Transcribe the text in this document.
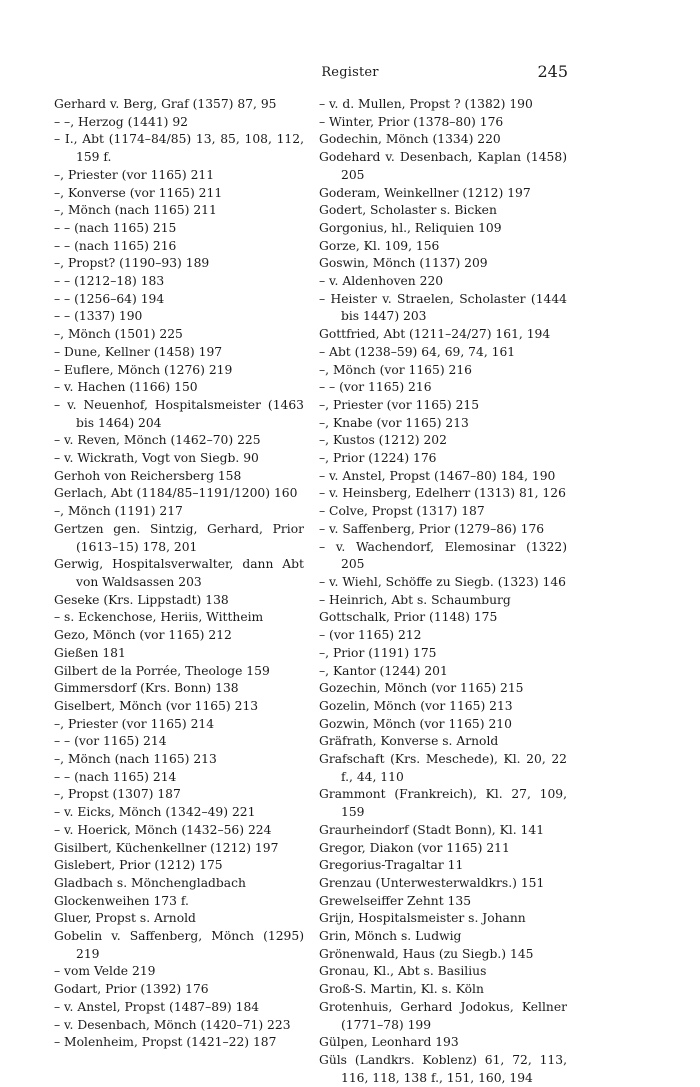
Register	245
Gerhard v. Berg, Graf (1357) 87, 95
– –, Herzog (1441) 92
– I., Abt (1174–84/85) 13, 85, 108, 112, 159 f.
–, Priester (vor 1165) 211
–, Konverse (vor 1165) 211
–, Mönch (nach 1165) 211
– – (nach 1165) 215
– – (nach 1165) 216
–, Propst? (1190–93) 189
– – (1212–18) 183
– – (1256–64) 194
– – (1337) 190
–, Mönch (1501) 225
– Dune, Kellner (1458) 197
– Euflere, Mönch (1276) 219
– v. Hachen (1166) 150
– v. Neuenhof, Hospitalsmeister (1463 bis 1464) 204
– v. Reven, Mönch (1462–70) 225
– v. Wickrath, Vogt von Siegb. 90
Gerhoh von Reichersberg 158
Gerlach, Abt (1184/85–1191/1200) 160
–, Mönch (1191) 217
Gertzen gen. Sintzig, Gerhard, Prior (1613–15) 178, 201
Gerwig, Hospitalsverwalter, dann Abt von Waldsassen 203
Geseke (Krs. Lippstadt) 138
– s. Eckenchose, Heriis, Wittheim
Gezo, Mönch (vor 1165) 212
Gießen 181
Gilbert de la Porrée, Theologe 159
Gimmersdorf (Krs. Bonn) 138
Giselbert, Mönch (vor 1165) 213
–, Priester (vor 1165) 214
– – (vor 1165) 214
–, Mönch (nach 1165) 213
– – (nach 1165) 214
–, Propst (1307) 187
– v. Eicks, Mönch (1342–49) 221
– v. Hoerick, Mönch (1432–56) 224
Gisilbert, Küchenkellner (1212) 197
Gislebert, Prior (1212) 175
Gladbach s. Mönchengladbach
Glockenweihen 173 f.
Gluer, Propst s. Arnold
Gobelin v. Saffenberg, Mönch (1295) 219
– vom Velde 219
Godart, Prior (1392) 176
– v. Anstel, Propst (1487–89) 184
– v. Desenbach, Mönch (1420–71) 223
– Molenheim, Propst (1421–22) 187
– v. d. Mullen, Propst ? (1382) 190
– Winter, Prior (1378–80) 176
Godechin, Mönch (1334) 220
Godehard v. Desenbach, Kaplan (1458) 205
Goderam, Weinkellner (1212) 197
Godert, Scholaster s. Bicken
Gorgonius, hl., Reliquien 109
Gorze, Kl. 109, 156
Goswin, Mönch (1137) 209
– v. Aldenhoven 220
– Heister v. Straelen, Scholaster (1444 bis 1447) 203
Gottfried, Abt (1211–24/27) 161, 194
– Abt (1238–59) 64, 69, 74, 161
–, Mönch (vor 1165) 216
– – (vor 1165) 216
–, Priester (vor 1165) 215
–, Knabe (vor 1165) 213
–, Kustos (1212) 202
–, Prior (1224) 176
– v. Anstel, Propst (1467–80) 184, 190
– v. Heinsberg, Edelherr (1313) 81, 126
– Colve, Propst (1317) 187
– v. Saffenberg, Prior (1279–86) 176
– v. Wachendorf, Elemosinar (1322) 205
– v. Wiehl, Schöffe zu Siegb. (1323) 146
– Heinrich, Abt s. Schaumburg
Gottschalk, Prior (1148) 175
– (vor 1165) 212
–, Prior (1191) 175
–, Kantor (1244) 201
Gozechin, Mönch (vor 1165) 215
Gozelin, Mönch (vor 1165) 213
Gozwin, Mönch (vor 1165) 210
Gräfrath, Konverse s. Arnold
Grafschaft (Krs. Meschede), Kl. 20, 22 f., 44, 110
Grammont (Frankreich), Kl. 27, 109, 159
Graurheindorf (Stadt Bonn), Kl. 141
Gregor, Diakon (vor 1165) 211
Gregorius-Tragaltar 11
Grenzau (Unterwesterwaldkrs.) 151
Grewelseiffer Zehnt 135
Grijn, Hospitalsmeister s. Johann
Grin, Mönch s. Ludwig
Grönenwald, Haus (zu Siegb.) 145
Gronau, Kl., Abt s. Basilius
Groß-S. Martin, Kl. s. Köln
Grotenhuis, Gerhard Jodokus, Kellner (1771–78) 199
Gülpen, Leonhard 193
Güls (Landkrs. Koblenz) 61, 72, 113, 116, 118, 138 f., 151, 160, 194
